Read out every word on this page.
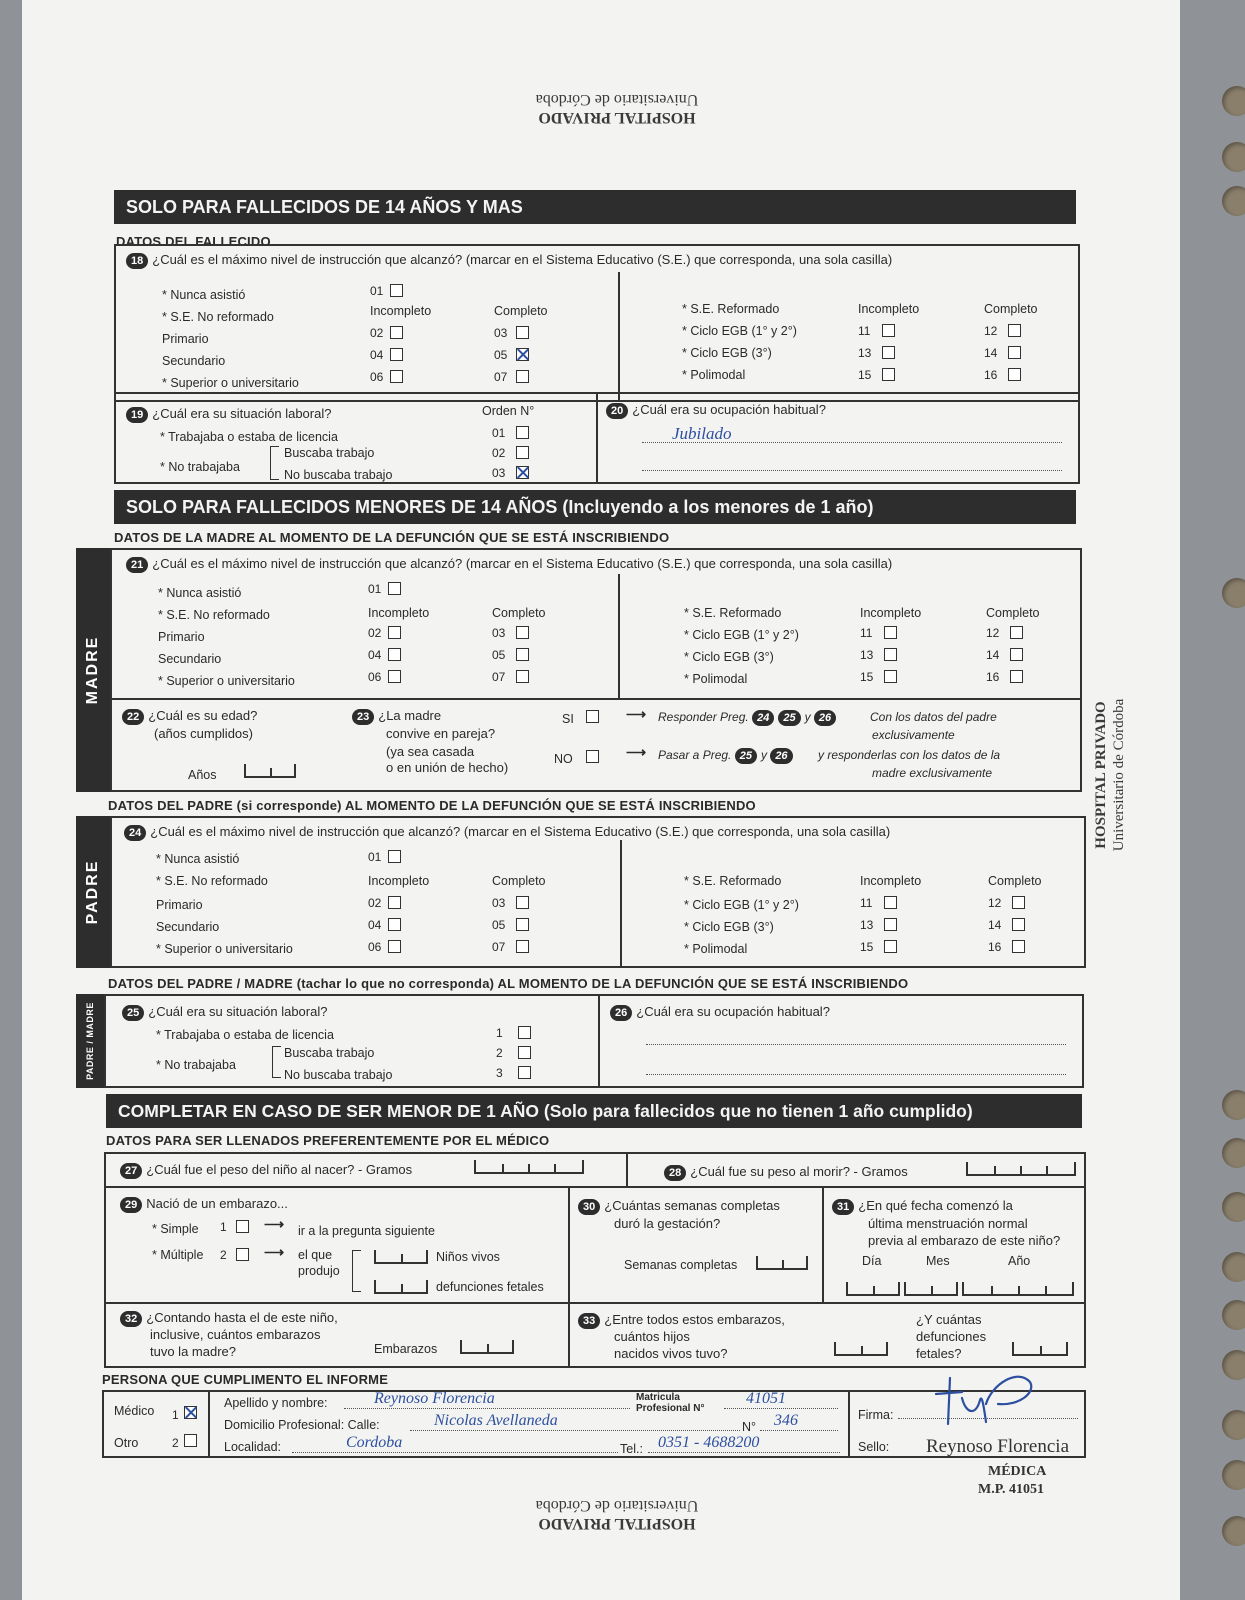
HOSPITAL PRIVADO
Universitario de Córdoba
SOLO PARA FALLECIDOS DE 14 AÑOS Y MAS
DATOS DEL FALLECIDO
18 ¿Cuál es el máximo nivel de instrucción que alcanzó? (marcar en el Sistema Educativo (S.E.) que corresponda, una sola casilla)
* Nunca asistió	01
* S.E. No reformado	Incompleto	Completo
Primario	02	03
Secundario	04	05
* Superior o universitario	06	07
* S.E. Reformado	Incompleto	Completo
* Ciclo EGB (1° y 2°)	11	12
* Ciclo EGB (3°)	13	14
* Polimodal	15	16
19 ¿Cuál era su situación laboral?	Orden N°
* Trabajaba o estaba de licencia	01
* No trabajaba
Buscaba trabajo	02
No buscaba trabajo	03
20 ¿Cuál era su ocupación habitual?
Jubilado
SOLO PARA FALLECIDOS MENORES DE 14 AÑOS (Incluyendo a los menores de 1 año)
DATOS DE LA MADRE AL MOMENTO DE LA DEFUNCIÓN QUE SE ESTÁ INSCRIBIENDO
MADRE
21 ¿Cuál es el máximo nivel de instrucción que alcanzó? (marcar en el Sistema Educativo (S.E.) que corresponda, una sola casilla)
* Nunca asistió	01
* S.E. No reformado	Incompleto	Completo
Primario	02	03
Secundario	04	05
* Superior o universitario	06	07
* S.E. Reformado	Incompleto	Completo
* Ciclo EGB (1° y 2°)	11	12
* Ciclo EGB (3°)	13	14
* Polimodal	15	16
22 ¿Cuál es su edad?
(años cumplidos)
Años
23 ¿La madre
convive en pareja?
(ya sea casada
o en unión de hecho)
SI	⟶ Responder Preg. 24 25 y 26	Con los datos del padre
exclusivamente
NO	⟶ Pasar a Preg. 25 y 26	y responderlas con los datos de la
madre exclusivamente
DATOS DEL PADRE (si corresponde) AL MOMENTO DE LA DEFUNCIÓN QUE SE ESTÁ INSCRIBIENDO
PADRE
24 ¿Cuál es el máximo nivel de instrucción que alcanzó? (marcar en el Sistema Educativo (S.E.) que corresponda, una sola casilla)
* Nunca asistió	01
* S.E. No reformado	Incompleto	Completo
Primario	02	03
Secundario	04	05
* Superior o universitario	06	07
* S.E. Reformado	Incompleto	Completo
* Ciclo EGB (1° y 2°)	11	12
* Ciclo EGB (3°)	13	14
* Polimodal	15	16
DATOS DEL PADRE / MADRE (tachar lo que no corresponda) AL MOMENTO DE LA DEFUNCIÓN QUE SE ESTÁ INSCRIBIENDO
PADRE / MADRE	25 ¿Cuál era su situación laboral?
* Trabajaba o estaba de licencia	1
* No trabajaba
Buscaba trabajo	2
No buscaba trabajo	3
26 ¿Cuál era su ocupación habitual?
COMPLETAR EN CASO DE SER MENOR DE 1 AÑO (Solo para fallecidos que no tienen 1 año cumplido)
DATOS PARA SER LLENADOS PREFERENTEMENTE POR EL MÉDICO
27 ¿Cuál fue el peso del niño al nacer? - Gramos	28 ¿Cuál fue su peso al morir? - Gramos
29 Nació de un embarazo...
* Simple 1	⟶ ir a la pregunta siguiente
* Múltiple 2	⟶ el que
produjo
Niños vivos
defunciones fetales
30 ¿Cuántas semanas completas
duró la gestación?
Semanas completas
31 ¿En qué fecha comenzó la
última menstruación normal
previa al embarazo de este niño?
Día	Mes	Año
32 ¿Contando hasta el de este niño,
inclusive, cuántos embarazos
tuvo la madre?	Embarazos
33 ¿Entre todos estos embarazos,
cuántos hijos
nacidos vivos tuvo?
¿Y cuántas
defunciones
fetales?
PERSONA QUE CUMPLIMENTO EL INFORME
Médico 1
Otro	2
Apellido y nombre:	Reynoso Florencia	Matricula
Profesional N°
41051
Domicilio Profesional: Calle:	Nicolas Avellaneda	N° 346
Localidad:	Cordoba	Tel.: 0351 - 4688200
Firma:
Sello: Reynoso Florencia
MÉDICA
M.P. 41051
HOSPITAL PRIVADO
Universitario de Córdoba
HOSPITAL PRIVADO Universitario de Córdoba
